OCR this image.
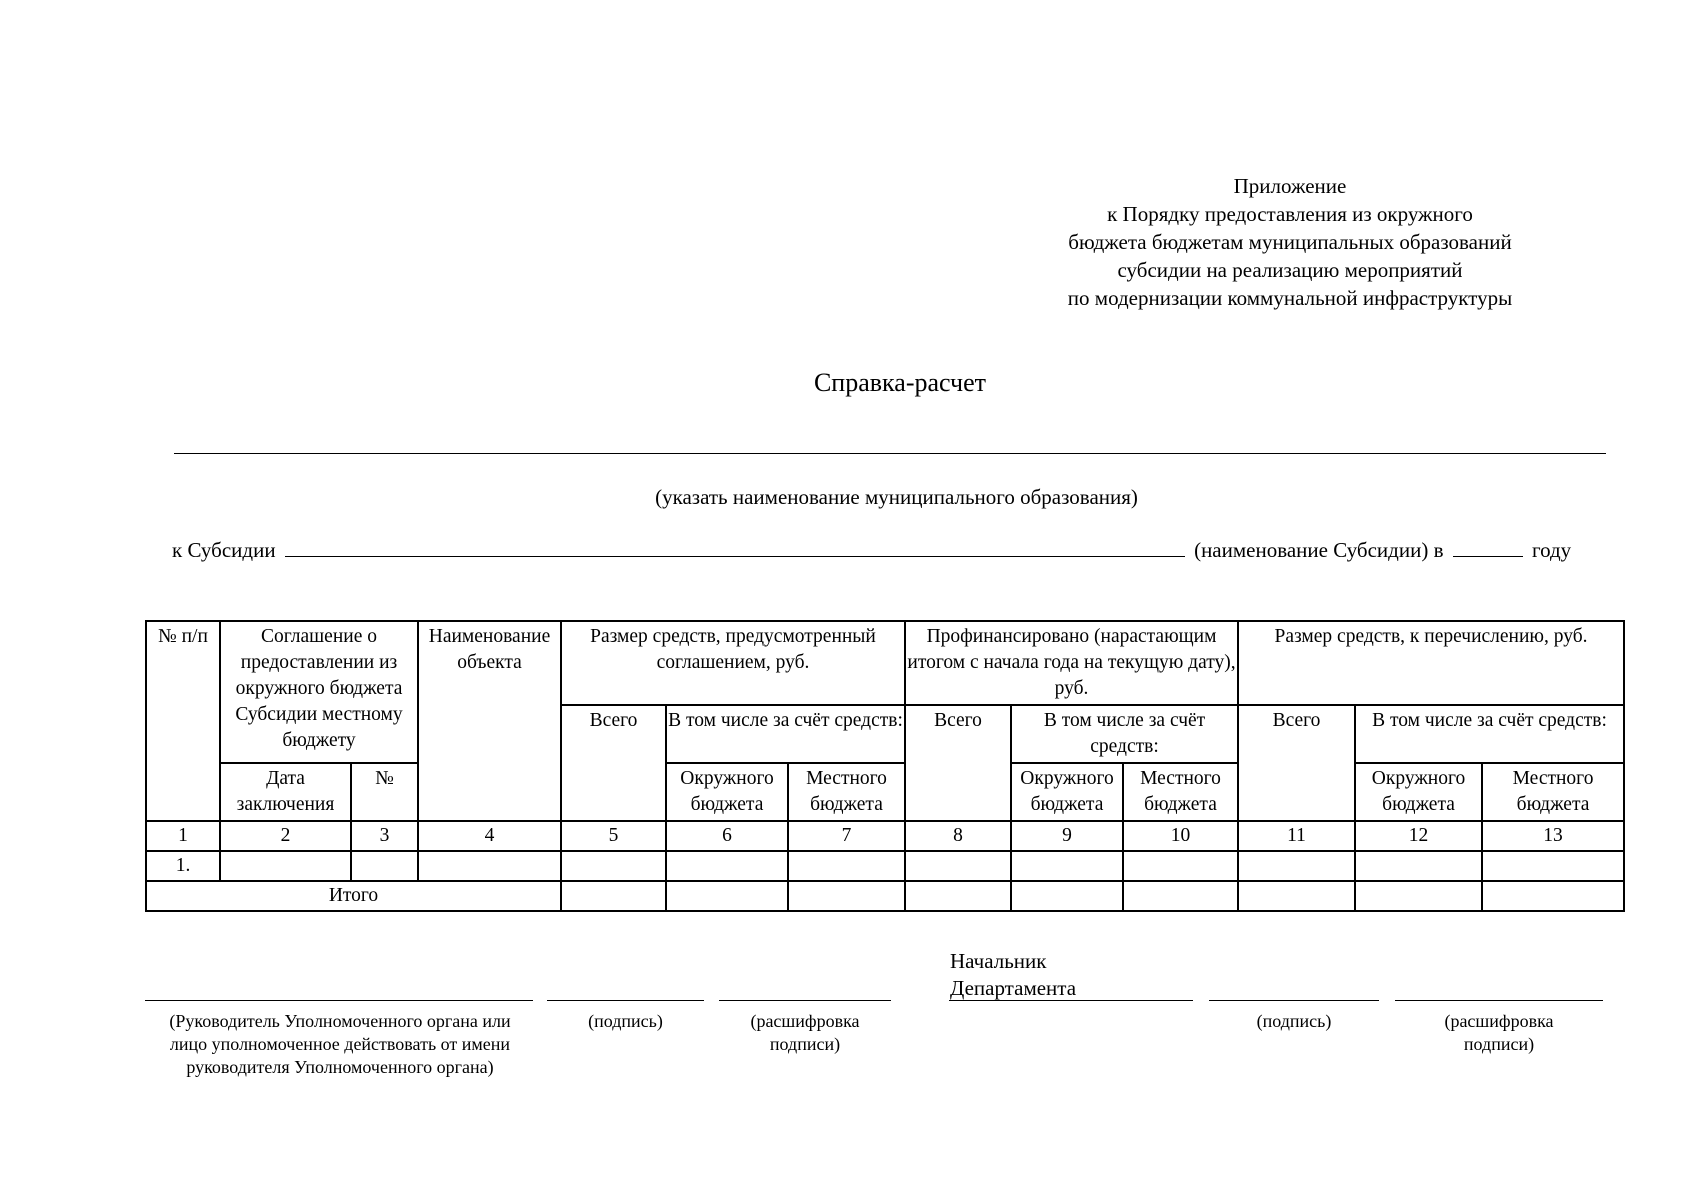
Приложение
к Порядку предоставления из окружного
бюджета бюджетам муниципальных образований
субсидии на реализацию мероприятий
по модернизации коммунальной инфраструктуры
Справка-расчет
(указать наименование муниципального образования)
к Субсидии	(наименование Субсидии) в	году
№ п/п	Соглашение о предоставлении из окружного бюджета Субсидии местному бюджету		Наименование объекта	Размер средств, предусмотренный соглашением, руб.			Профинансировано (нарастающим итогом с начала года на текущую дату), руб.			Размер средств, к перечислению, руб.		
				Всего	В том числе за счёт средств:		Всего	В том числе за счёт средств:		Всего	В том числе за счёт средств:	
	Дата заключения	№			Окружного бюджета	Местного бюджета		Окружного бюджета	Местного бюджета		Окружного бюджета	Местного бюджета
1	2	3	4	5	6	7	8	9	10	11	12	13
1.												
Итого												
(Руководитель Уполномоченного органа или лицо уполномоченное действовать от имени руководителя Уполномоченного органа)
(подпись)	(расшифровка подписи)
Начальник
Департамента
(подпись)	(расшифровка подписи)
